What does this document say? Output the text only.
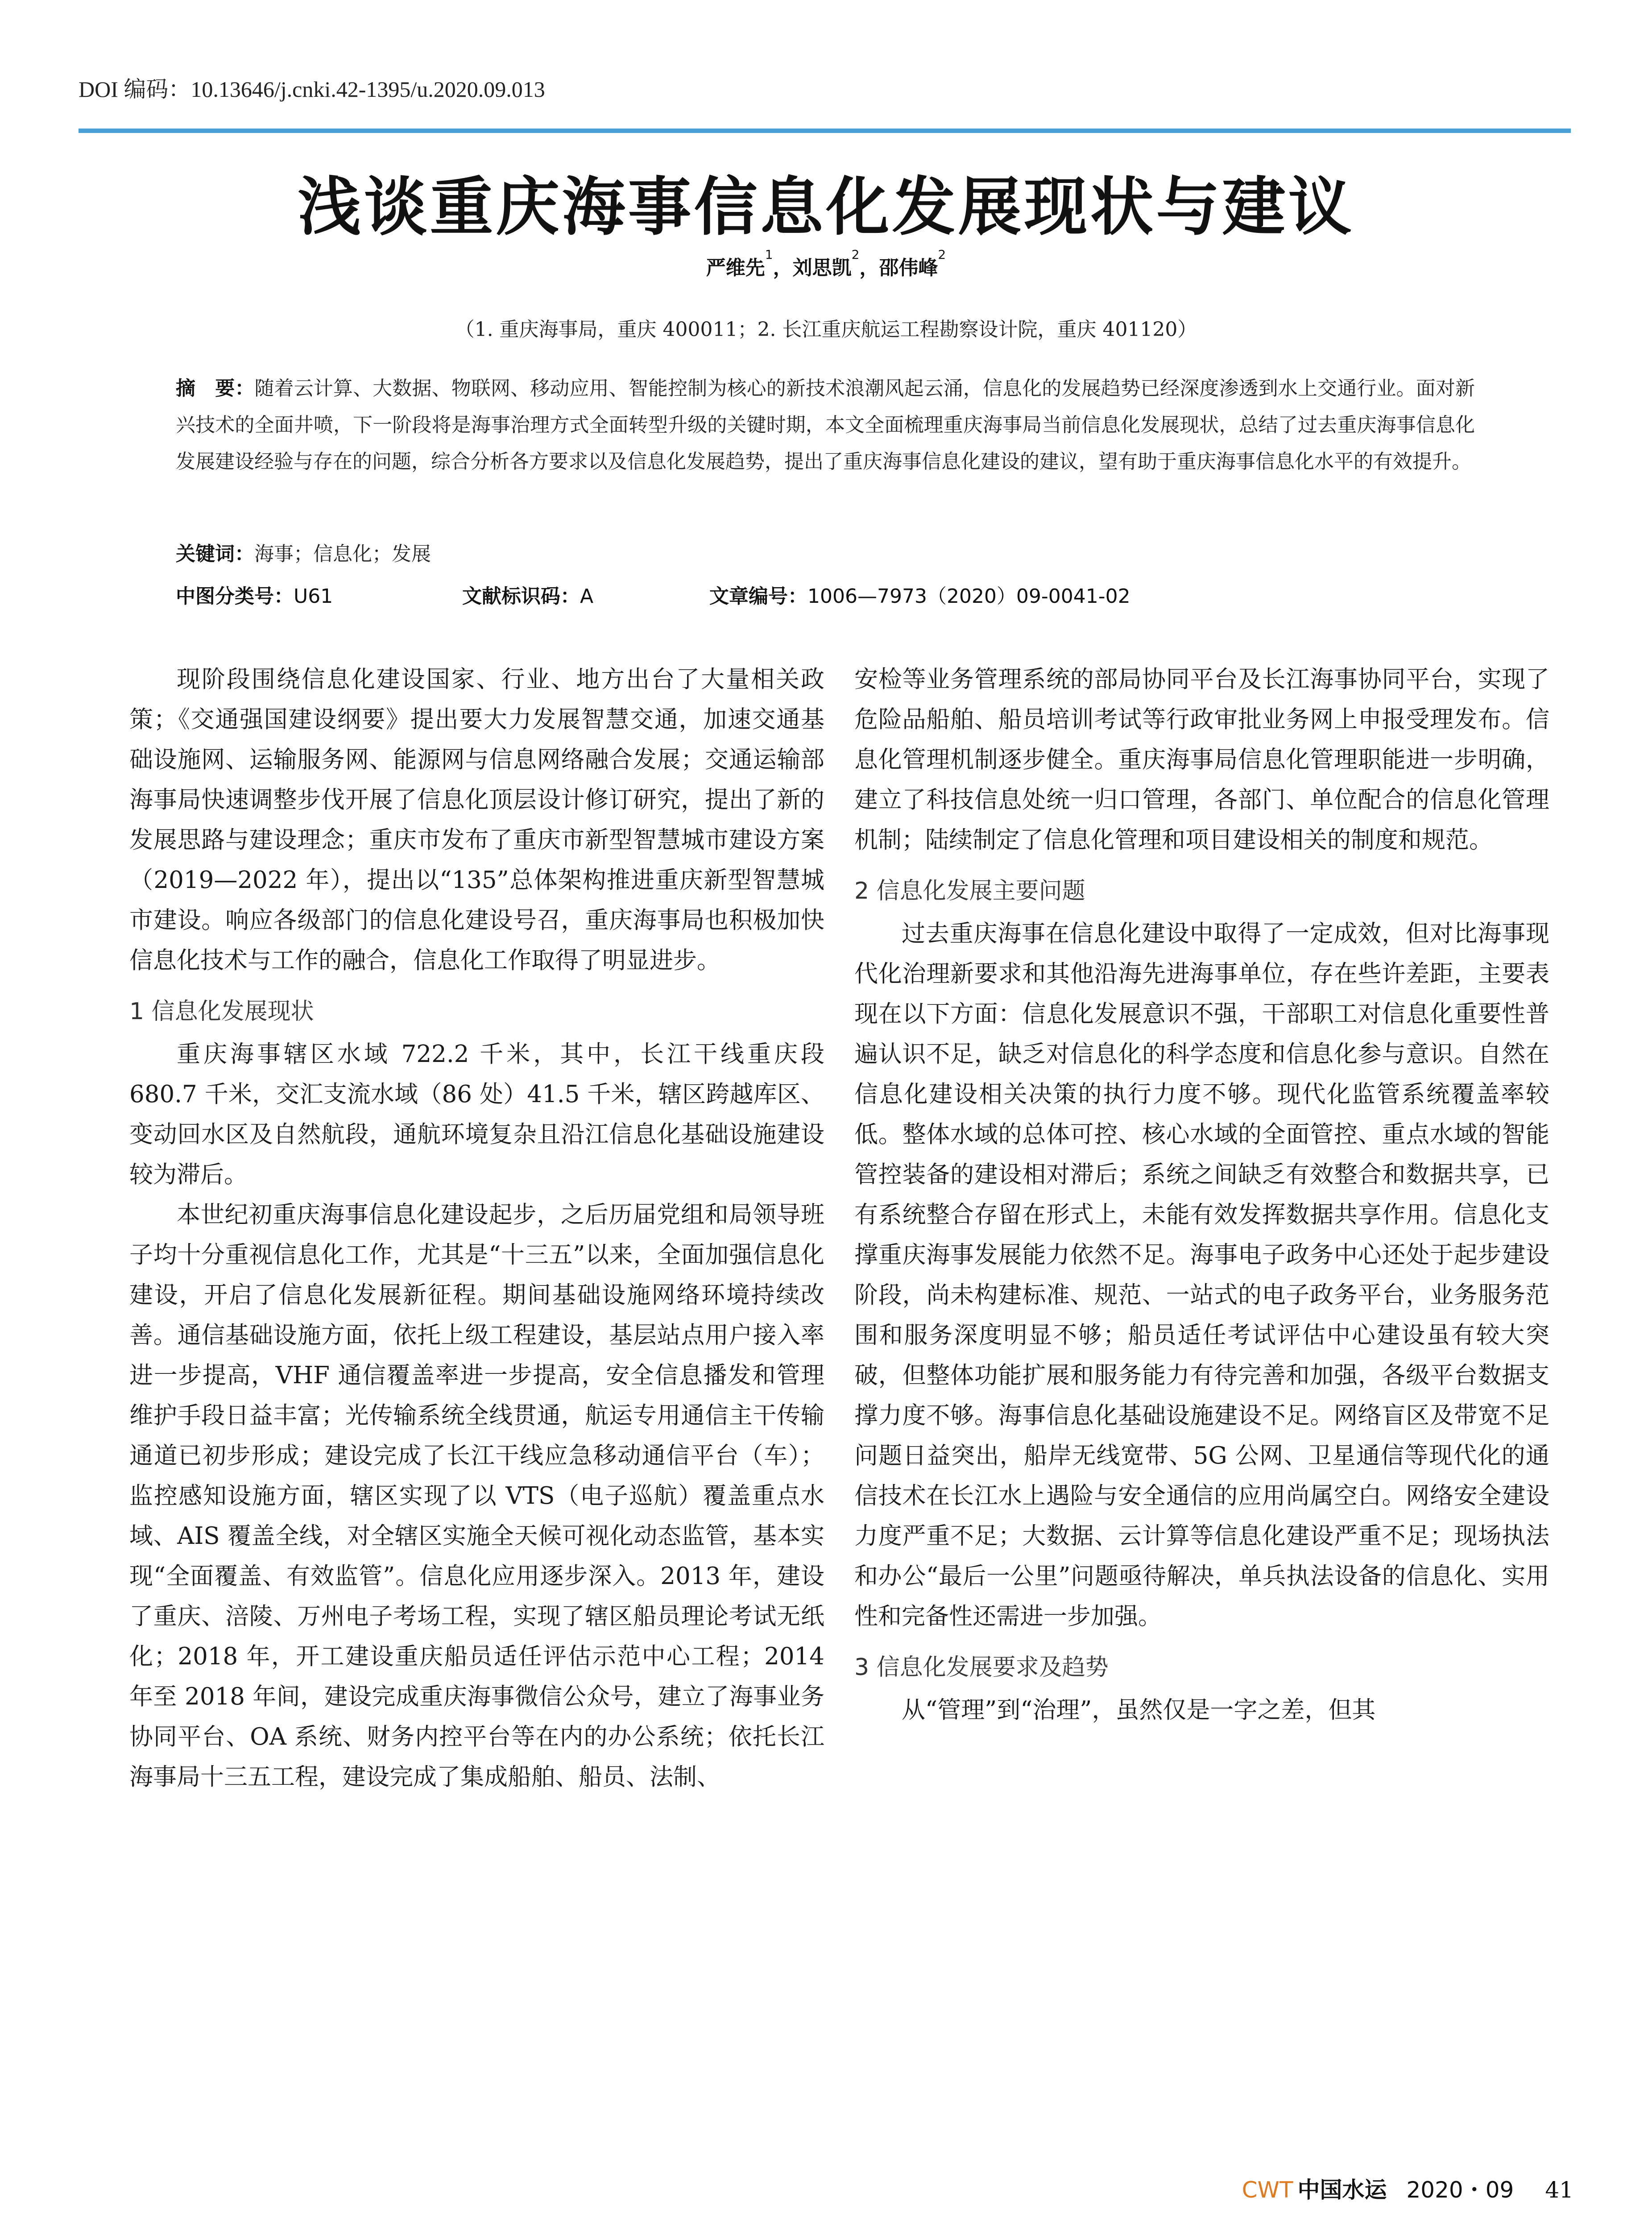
DOI 编码：10.13646/j.cnki.42-1395/u.2020.09.013
浅谈重庆海事信息化发展现状与建议
严维先$^1$，刘思凯$^2$，邵伟峰$^2$
（1. 重庆海事局，重庆 400011；2. 长江重庆航运工程勘察设计院，重庆 401120）
摘　要：随着云计算、大数据、物联网、移动应用、智能控制为核心的新技术浪潮风起云涌，信息化的发展趋势已经深度渗透到水上交通行业。面对新兴技术的全面井喷，下一阶段将是海事治理方式全面转型升级的关键时期，本文全面梳理重庆海事局当前信息化发展现状，总结了过去重庆海事信息化发展建设经验与存在的问题，综合分析各方要求以及信息化发展趋势，提出了重庆海事信息化建设的建议，望有助于重庆海事信息化水平的有效提升。
关键词：海事；信息化；发展
中图分类号：U61	文献标识码：A	文章编号：1006—7973（2020）09-0041-02

现阶段围绕信息化建设国家、行业、地方出台了大量相关政策；《交通强国建设纲要》提出要大力发展智慧交通，加速交通基础设施网、运输服务网、能源网与信息网络融合发展；交通运输部海事局快速调整步伐开展了信息化顶层设计修订研究，提出了新的发展思路与建设理念；重庆市发布了重庆市新型智慧城市建设方案（2019—2022 年），提出以“135”总体架构推进重庆新型智慧城市建设。响应各级部门的信息化建设号召，重庆海事局也积极加快信息化技术与工作的融合，信息化工作取得了明显进步。

1 信息化发展现状

重庆海事辖区水域 722.2 千米，其中，长江干线重庆段 680.7 千米，交汇支流水域（86 处）41.5 千米，辖区跨越库区、变动回水区及自然航段，通航环境复杂且沿江信息化基础设施建设较为滞后。

本世纪初重庆海事信息化建设起步，之后历届党组和局领导班子均十分重视信息化工作，尤其是“十三五”以来，全面加强信息化建设，开启了信息化发展新征程。期间基础设施网络环境持续改善。通信基础设施方面，依托上级工程建设，基层站点用户接入率进一步提高，VHF 通信覆盖率进一步提高，安全信息播发和管理维护手段日益丰富；光传输系统全线贯通，航运专用通信主干传输通道已初步形成；建设完成了长江干线应急移动通信平台（车）；监控感知设施方面，辖区实现了以 VTS（电子巡航）覆盖重点水域、AIS 覆盖全线，对全辖区实施全天候可视化动态监管，基本实现“全面覆盖、有效监管”。信息化应用逐步深入。2013 年，建设了重庆、涪陵、万州电子考场工程，实现了辖区船员理论考试无纸化；2018 年，开工建设重庆船员适任评估示范中心工程；2014 年至 2018 年间，建设完成重庆海事微信公众号，建立了海事业务协同平台、OA 系统、财务内控平台等在内的办公系统；依托长江海事局十三五工程，建设完成了集成船舶、船员、法制、

安检等业务管理系统的部局协同平台及长江海事协同平台，实现了危险品船舶、船员培训考试等行政审批业务网上申报受理发布。信息化管理机制逐步健全。重庆海事局信息化管理职能进一步明确，建立了科技信息处统一归口管理，各部门、单位配合的信息化管理机制；陆续制定了信息化管理和项目建设相关的制度和规范。

2 信息化发展主要问题

过去重庆海事在信息化建设中取得了一定成效，但对比海事现代化治理新要求和其他沿海先进海事单位，存在些许差距，主要表现在以下方面：信息化发展意识不强，干部职工对信息化重要性普遍认识不足，缺乏对信息化的科学态度和信息化参与意识。自然在信息化建设相关决策的执行力度不够。现代化监管系统覆盖率较低。整体水域的总体可控、核心水域的全面管控、重点水域的智能管控装备的建设相对滞后；系统之间缺乏有效整合和数据共享，已有系统整合存留在形式上，未能有效发挥数据共享作用。信息化支撑重庆海事发展能力依然不足。海事电子政务中心还处于起步建设阶段，尚未构建标准、规范、一站式的电子政务平台，业务服务范围和服务深度明显不够；船员适任考试评估中心建设虽有较大突破，但整体功能扩展和服务能力有待完善和加强，各级平台数据支撑力度不够。海事信息化基础设施建设不足。网络盲区及带宽不足问题日益突出，船岸无线宽带、5G 公网、卫星通信等现代化的通信技术在长江水上遇险与安全通信的应用尚属空白。网络安全建设力度严重不足；大数据、云计算等信息化建设严重不足；现场执法和办公“最后一公里”问题亟待解决，单兵执法设备的信息化、实用性和完备性还需进一步加强。

3 信息化发展要求及趋势

从“管理”到“治理”，虽然仅是一字之差，但其

CWT 中国水运 2020・09 41
